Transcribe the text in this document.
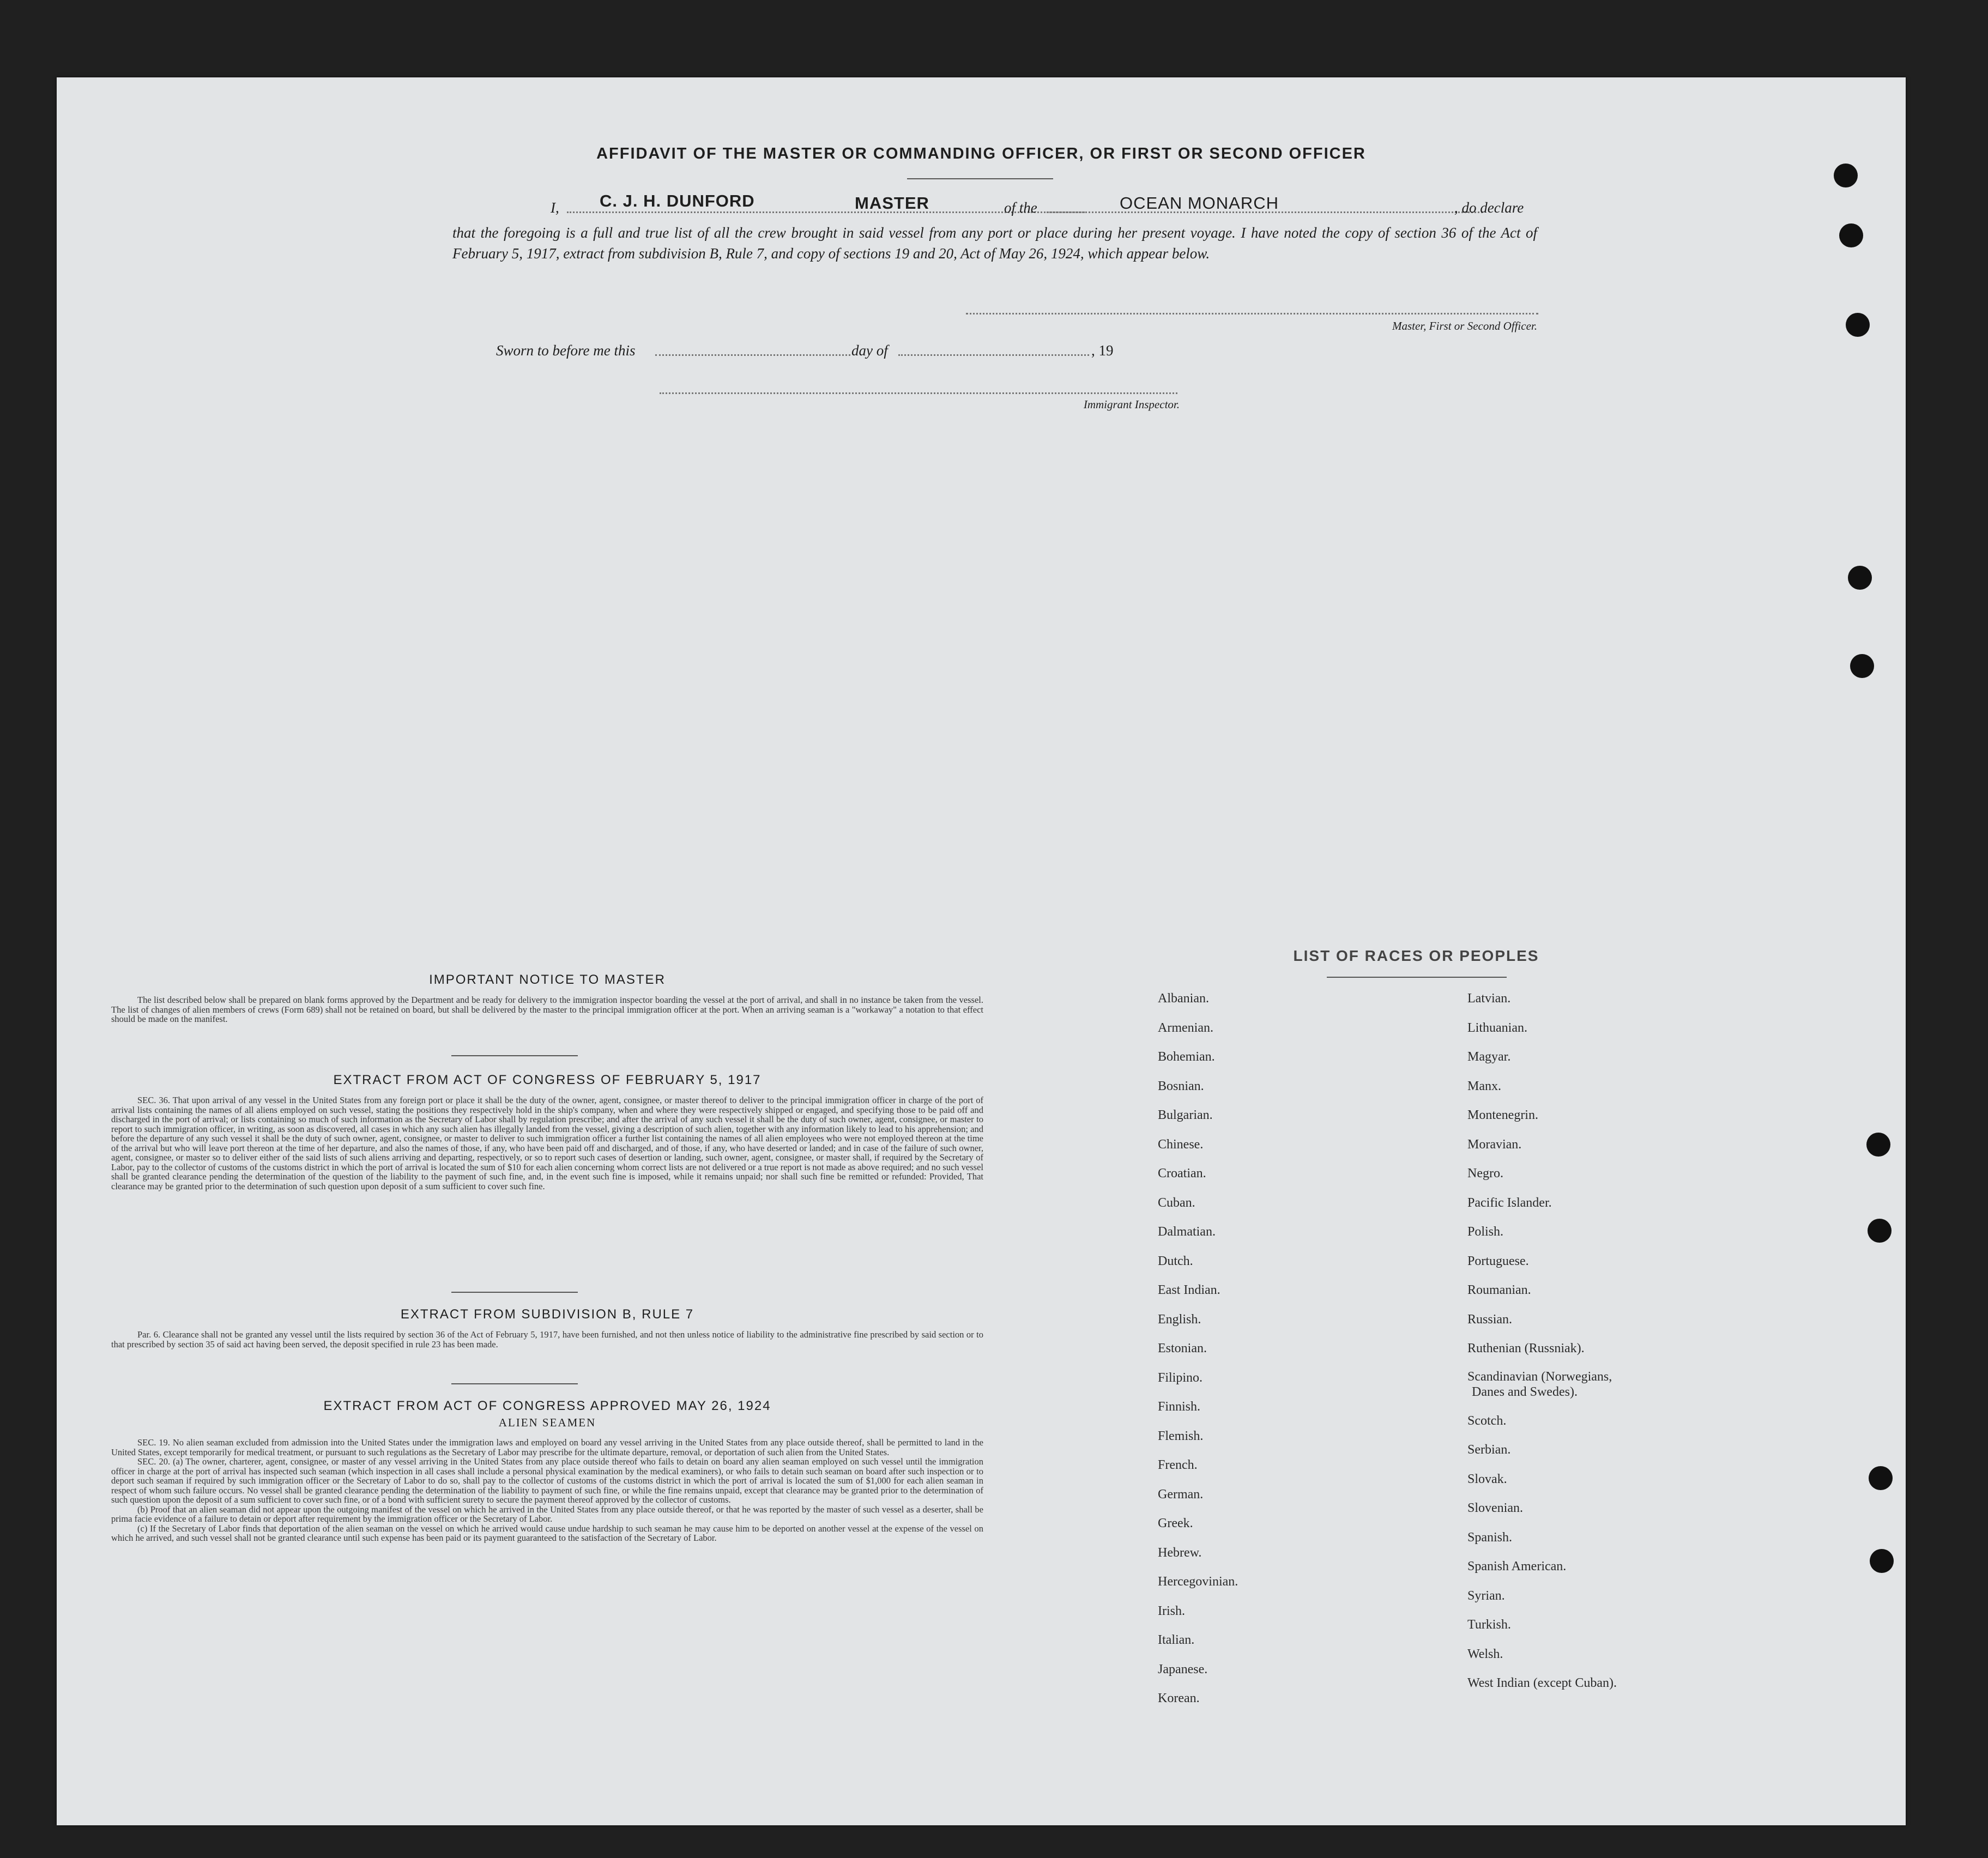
AFFIDAVIT OF THE MASTER OR COMMANDING OFFICER, OR FIRST OR SECOND OFFICER
I, C. J. H. DUNFORD	MASTER	of the	OCEAN MONARCH	, do declare
that the foregoing is a full and true list of all the crew brought in said vessel from any port or place during her present voyage. I have noted the copy of section 36 of the Act of February 5, 1917, extract from subdivision B, Rule 7, and copy of sections 19 and 20, Act of May 26, 1924, which appear below.
Master, First or Second Officer.
Sworn to before me this	day of	, 19
Immigrant Inspector.
IMPORTANT NOTICE TO MASTER

The list described below shall be prepared on blank forms approved by the Department and be ready for delivery to the immigration inspector boarding the vessel at the port of arrival, and shall in no instance be taken from the vessel. The list of changes of alien members of crews (Form 689) shall not be retained on board, but shall be delivered by the master to the principal immigration officer at the port. When an arriving seaman is a "workaway" a notation to that effect should be made on the manifest.

EXTRACT FROM ACT OF CONGRESS OF FEBRUARY 5, 1917

SEC. 36. That upon arrival of any vessel in the United States from any foreign port or place it shall be the duty of the owner, agent, consignee, or master thereof to deliver to the principal immigration officer in charge of the port of arrival lists containing the names of all aliens employed on such vessel, stating the positions they respectively hold in the ship's company, when and where they were respectively shipped or engaged, and specifying those to be paid off and discharged in the port of arrival; or lists containing so much of such information as the Secretary of Labor shall by regulation prescribe; and after the arrival of any such vessel it shall be the duty of such owner, agent, consignee, or master to report to such immigration officer, in writing, as soon as discovered, all cases in which any such alien has illegally landed from the vessel, giving a description of such alien, together with any information likely to lead to his apprehension; and before the departure of any such vessel it shall be the duty of such owner, agent, consignee, or master to deliver to such immigration officer a further list containing the names of all alien employees who were not employed thereon at the time of the arrival but who will leave port thereon at the time of her departure, and also the names of those, if any, who have been paid off and discharged, and of those, if any, who have deserted or landed; and in case of the failure of such owner, agent, consignee, or master so to deliver either of the said lists of such aliens arriving and departing, respectively, or so to report such cases of desertion or landing, such owner, agent, consignee, or master shall, if required by the Secretary of Labor, pay to the collector of customs of the customs district in which the port of arrival is located the sum of $10 for each alien concerning whom correct lists are not delivered or a true report is not made as above required; and no such vessel shall be granted clearance pending the determination of the question of the liability to the payment of such fine, and, in the event such fine is imposed, while it remains unpaid; nor shall such fine be remitted or refunded: Provided, That clearance may be granted prior to the determination of such question upon deposit of a sum sufficient to cover such fine.

EXTRACT FROM SUBDIVISION B, RULE 7

Par. 6. Clearance shall not be granted any vessel until the lists required by section 36 of the Act of February 5, 1917, have been furnished, and not then unless notice of liability to the administrative fine prescribed by said section or to that prescribed by section 35 of said act having been served, the deposit specified in rule 23 has been made.

EXTRACT FROM ACT OF CONGRESS APPROVED MAY 26, 1924
ALIEN SEAMEN

SEC. 19. No alien seaman excluded from admission into the United States under the immigration laws and employed on board any vessel arriving in the United States from any place outside thereof, shall be permitted to land in the United States, except temporarily for medical treatment, or pursuant to such regulations as the Secretary of Labor may prescribe for the ultimate departure, removal, or deportation of such alien from the United States.

SEC. 20. (a) The owner, charterer, agent, consignee, or master of any vessel arriving in the United States from any place outside thereof who fails to detain on board any alien seaman employed on such vessel until the immigration officer in charge at the port of arrival has inspected such seaman (which inspection in all cases shall include a personal physical examination by the medical examiners), or who fails to detain such seaman on board after such inspection or to deport such seaman if required by such immigration officer or the Secretary of Labor to do so, shall pay to the collector of customs of the customs district in which the port of arrival is located the sum of $1,000 for each alien seaman in respect of whom such failure occurs. No vessel shall be granted clearance pending the determination of the liability to payment of such fine, or while the fine remains unpaid, except that clearance may be granted prior to the determination of such question upon the deposit of a sum sufficient to cover such fine, or of a bond with sufficient surety to secure the payment thereof approved by the collector of customs.

(b) Proof that an alien seaman did not appear upon the outgoing manifest of the vessel on which he arrived in the United States from any place outside thereof, or that he was reported by the master of such vessel as a deserter, shall be prima facie evidence of a failure to detain or deport after requirement by the immigration officer or the Secretary of Labor.

(c) If the Secretary of Labor finds that deportation of the alien seaman on the vessel on which he arrived would cause undue hardship to such seaman he may cause him to be deported on another vessel at the expense of the vessel on which he arrived, and such vessel shall not be granted clearance until such expense has been paid or its payment guaranteed to the satisfaction of the Secretary of Labor.

LIST OF RACES OR PEOPLES
Albanian.
Armenian.
Bohemian.
Bosnian.
Bulgarian.
Chinese.
Croatian.
Cuban.
Dalmatian.
Dutch.
East Indian.
English.
Estonian.
Filipino.
Finnish.
Flemish.
French.
German.
Greek.
Hebrew.
Hercegovinian.
Irish.
Italian.
Japanese.
Korean.
Latvian.
Lithuanian.
Magyar.
Manx.
Montenegrin.
Moravian.
Negro.
Pacific Islander.
Polish.
Portuguese.
Roumanian.
Russian.
Ruthenian (Russniak).
Scandinavian (Norwegians,
Danes and Swedes).
Scotch.
Serbian.
Slovak.
Slovenian.
Spanish.
Spanish American.
Syrian.
Turkish.
Welsh.
West Indian (except Cuban).
